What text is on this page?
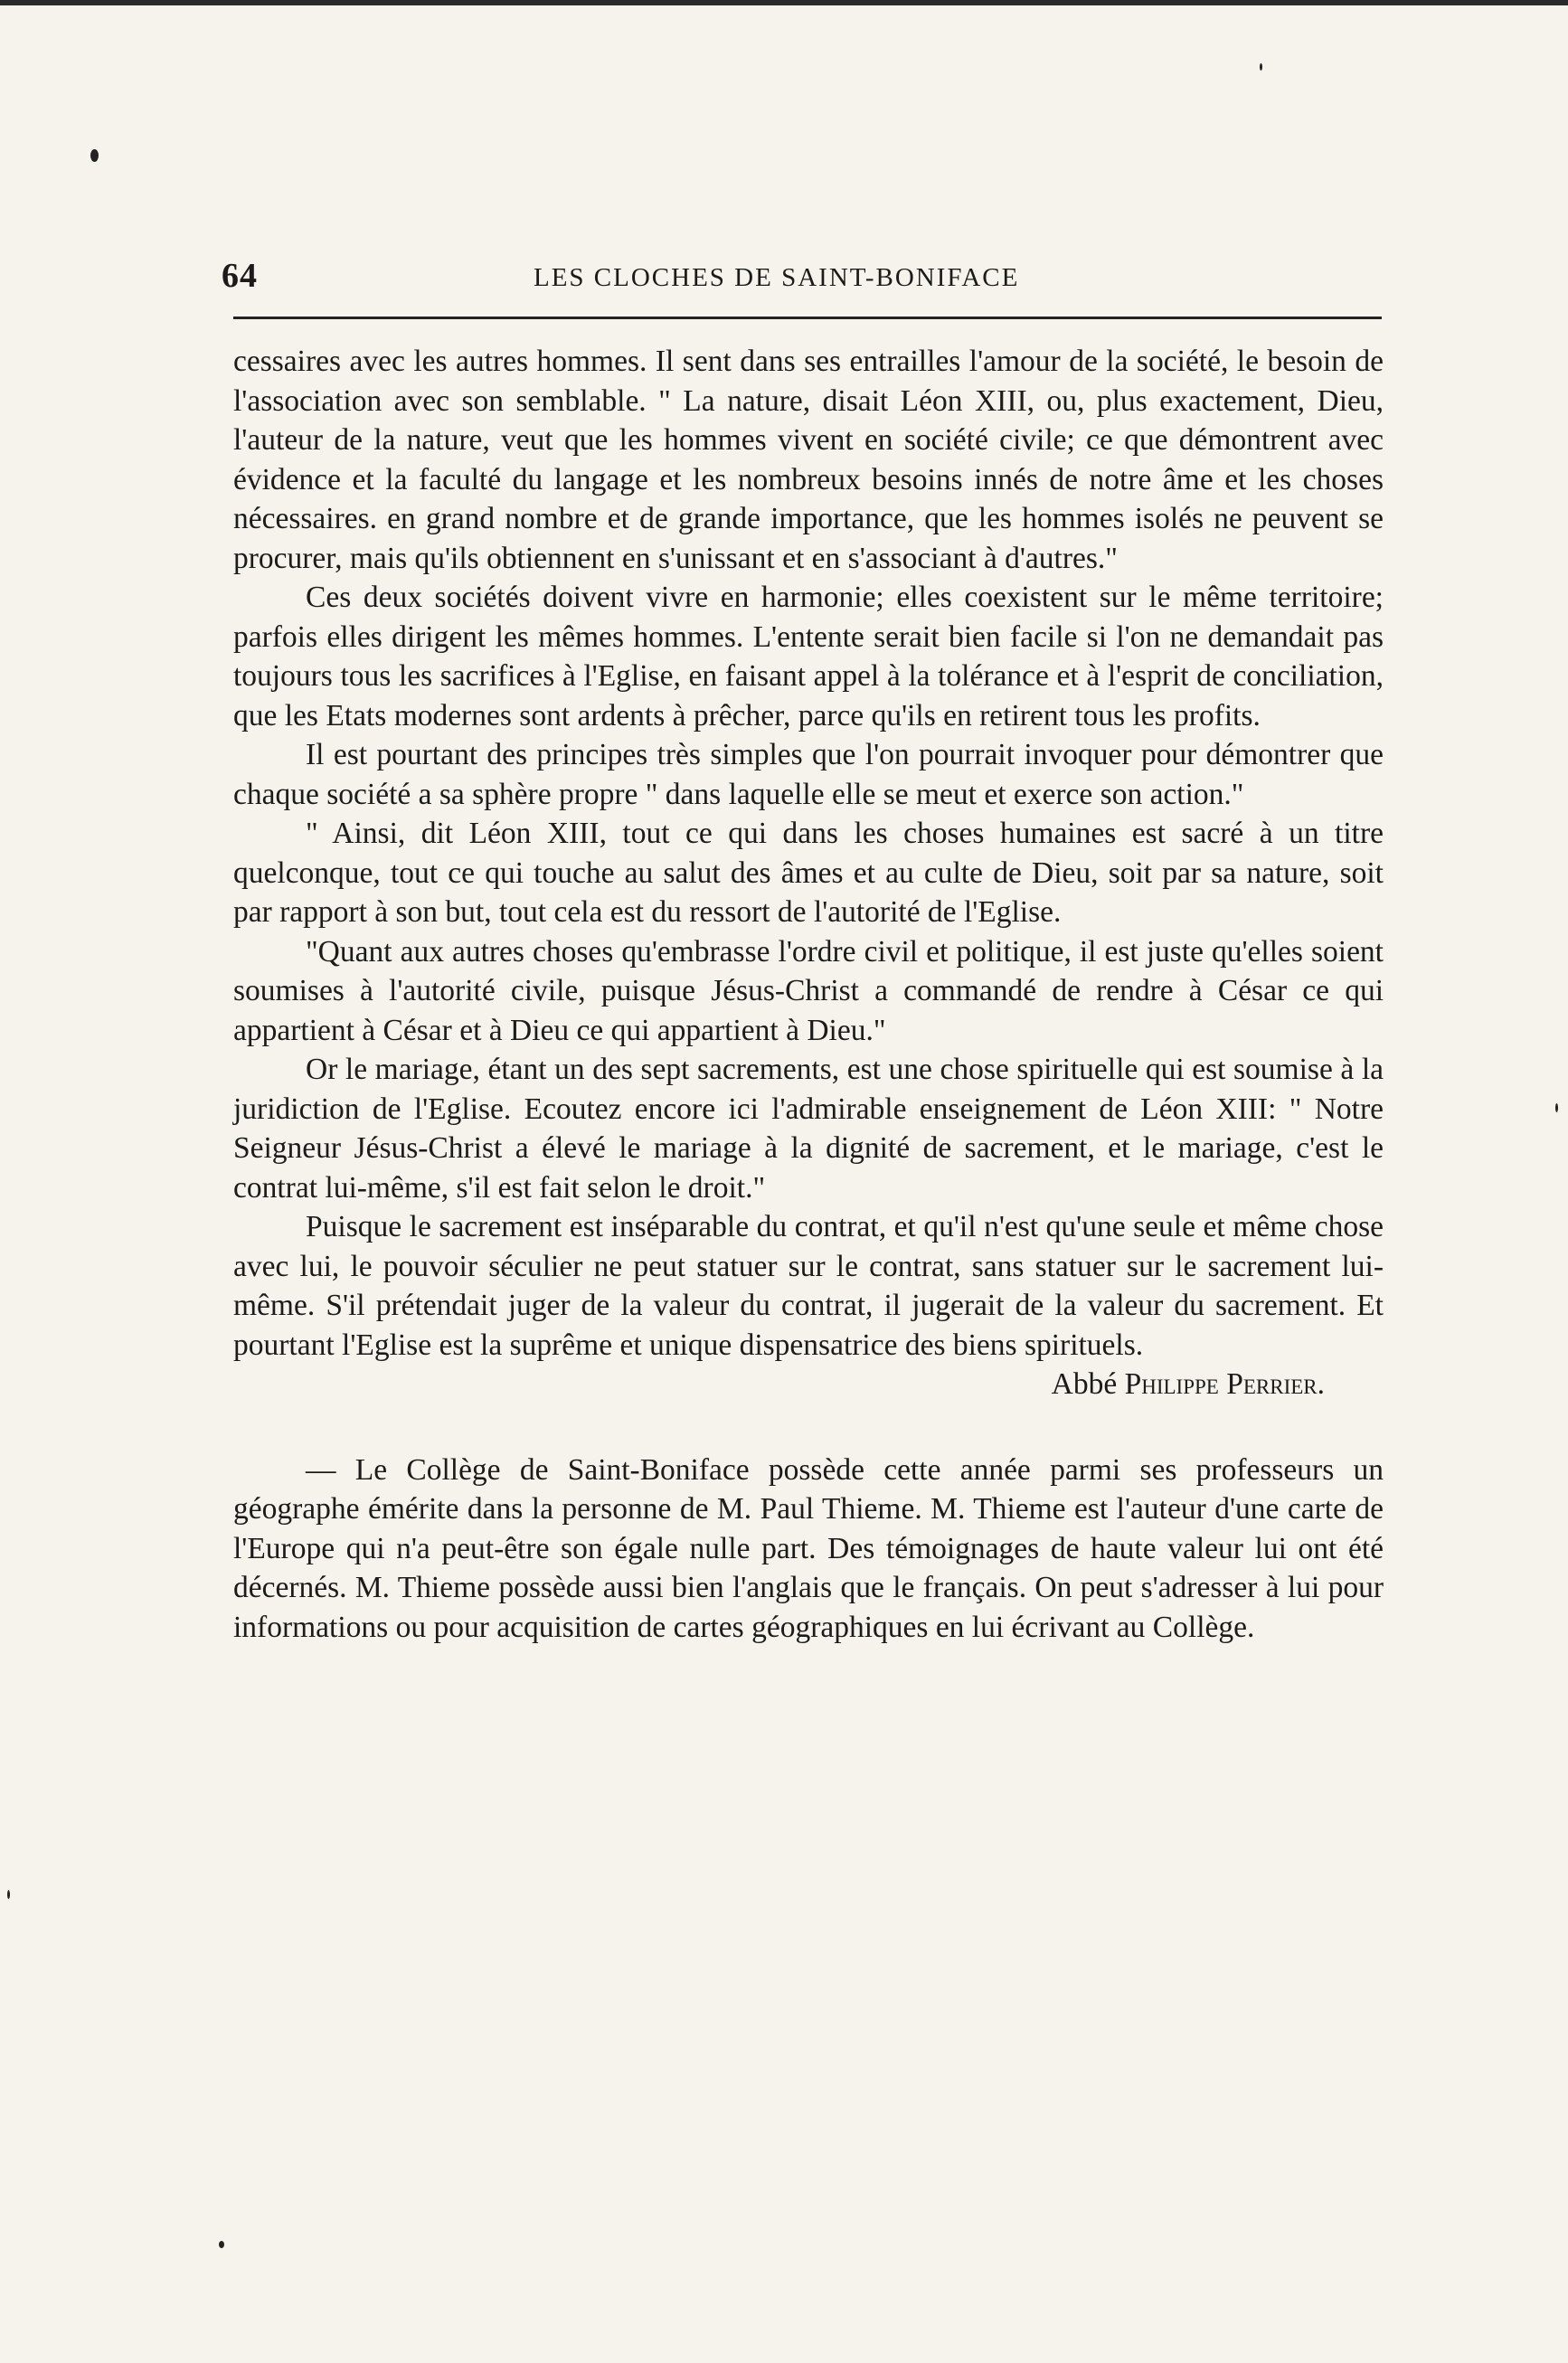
64	LES CLOCHES DE SAINT-BONIFACE

cessaires avec les autres hommes. Il sent dans ses entrailles l'amour de la société, le besoin de l'association avec son semblable. " La nature, disait Léon XIII, ou, plus exactement, Dieu, l'auteur de la nature, veut que les hommes vivent en société civile; ce que démontrent avec évidence et la faculté du langage et les nombreux besoins innés de notre âme et les choses nécessaires. en grand nombre et de grande importance, que les hommes isolés ne peuvent se procurer, mais qu'ils obtiennent en s'unissant et en s'associant à d'autres."

Ces deux sociétés doivent vivre en harmonie; elles coexistent sur le même territoire; parfois elles dirigent les mêmes hommes. L'entente serait bien facile si l'on ne demandait pas toujours tous les sacrifices à l'Eglise, en faisant appel à la tolérance et à l'esprit de conciliation, que les Etats modernes sont ardents à prêcher, parce qu'ils en retirent tous les profits.

Il est pourtant des principes très simples que l'on pourrait invoquer pour démontrer que chaque société a sa sphère propre " dans laquelle elle se meut et exerce son action."

" Ainsi, dit Léon XIII, tout ce qui dans les choses humaines est sacré à un titre quelconque, tout ce qui touche au salut des âmes et au culte de Dieu, soit par sa nature, soit par rapport à son but, tout cela est du ressort de l'autorité de l'Eglise.

"Quant aux autres choses qu'embrasse l'ordre civil et politique, il est juste qu'elles soient soumises à l'autorité civile, puisque Jésus-Christ a commandé de rendre à César ce qui appartient à César et à Dieu ce qui appartient à Dieu."

Or le mariage, étant un des sept sacrements, est une chose spirituelle qui est soumise à la juridiction de l'Eglise. Ecoutez encore ici l'admirable enseignement de Léon XIII: " Notre Seigneur Jésus-Christ a élevé le mariage à la dignité de sacrement, et le mariage, c'est le contrat lui-même, s'il est fait selon le droit."

Puisque le sacrement est inséparable du contrat, et qu'il n'est qu'une seule et même chose avec lui, le pouvoir séculier ne peut statuer sur le contrat, sans statuer sur le sacrement lui-même. S'il prétendait juger de la valeur du contrat, il jugerait de la valeur du sacrement. Et pourtant l'Eglise est la suprême et unique dispensatrice des biens spirituels.

Abbé Philippe Perrier.

— Le Collège de Saint-Boniface possède cette année parmi ses professeurs un géographe émérite dans la personne de M. Paul Thieme. M. Thieme est l'auteur d'une carte de l'Europe qui n'a peut-être son égale nulle part. Des témoignages de haute valeur lui ont été décernés. M. Thieme possède aussi bien l'anglais que le français. On peut s'adresser à lui pour informations ou pour acquisition de cartes géographiques en lui écrivant au Collège.
